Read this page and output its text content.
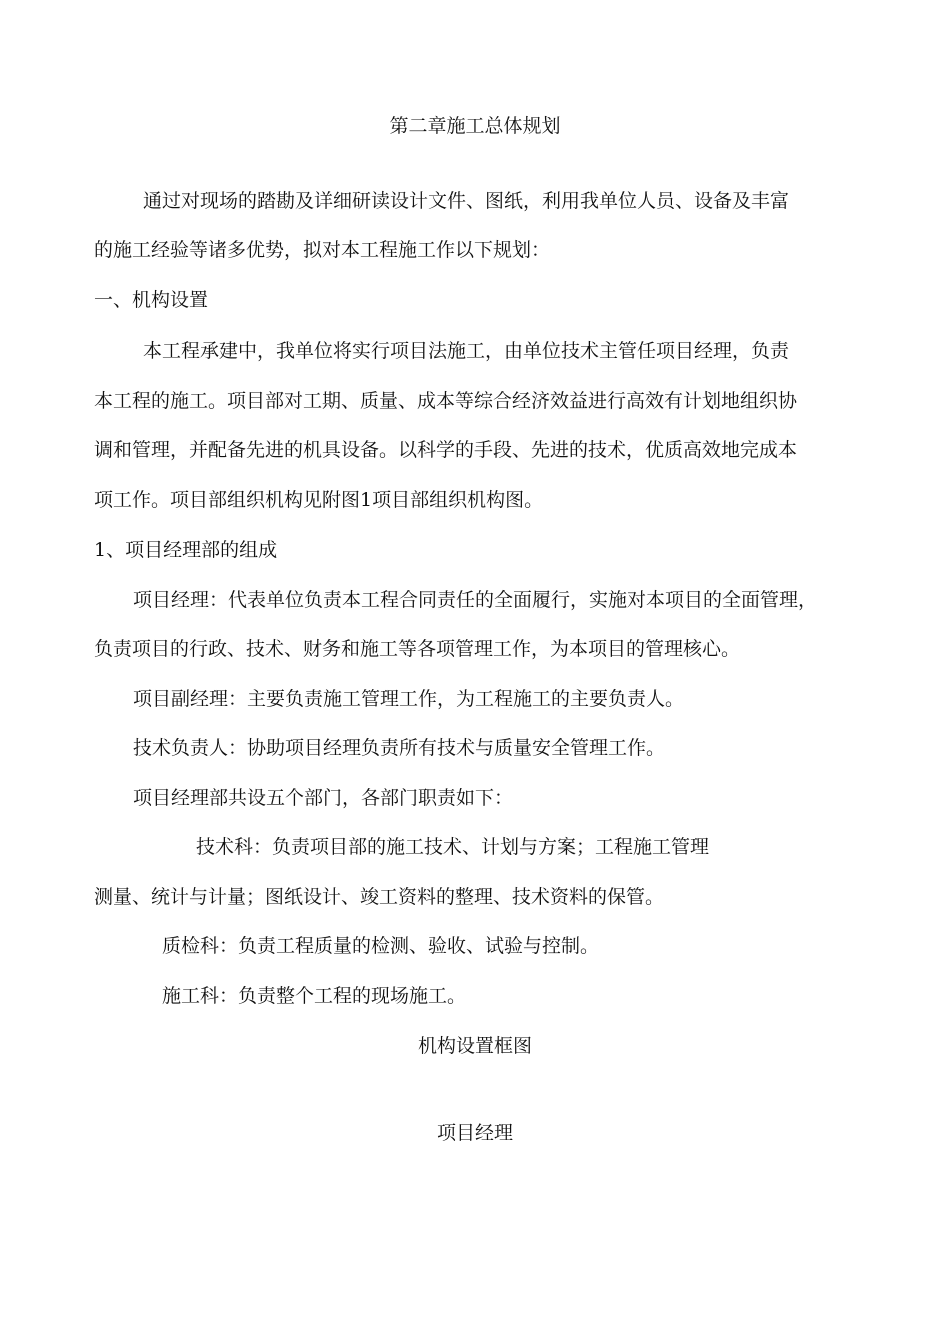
第二章施工总体规划

通过对现场的踏勘及详细研读设计文件、图纸，利用我单位人员、设备及丰富

的施工经验等诸多优势，拟对本工程施工作以下规划：

一、机构设置

本工程承建中，我单位将实行项目法施工，由单位技术主管任项目经理，负责

本工程的施工。项目部对工期、质量、成本等综合经济效益进行高效有计划地组织协

调和管理，并配备先进的机具设备。以科学的手段、先进的技术，优质高效地完成本

项工作。项目部组织机构见附图1项目部组织机构图。

1、项目经理部的组成

项目经理：代表单位负责本工程合同责任的全面履行，实施对本项目的全面管理，

负责项目的行政、技术、财务和施工等各项管理工作，为本项目的管理核心。

项目副经理：主要负责施工管理工作，为工程施工的主要负责人。

技术负责人：协助项目经理负责所有技术与质量安全管理工作。

项目经理部共设五个部门，各部门职责如下：

技术科：负责项目部的施工技术、计划与方案；工程施工管理

测量、统计与计量；图纸设计、竣工资料的整理、技术资料的保管。

质检科：负责工程质量的检测、验收、试验与控制。

施工科：负责整个工程的现场施工。

机构设置框图

项目经理
